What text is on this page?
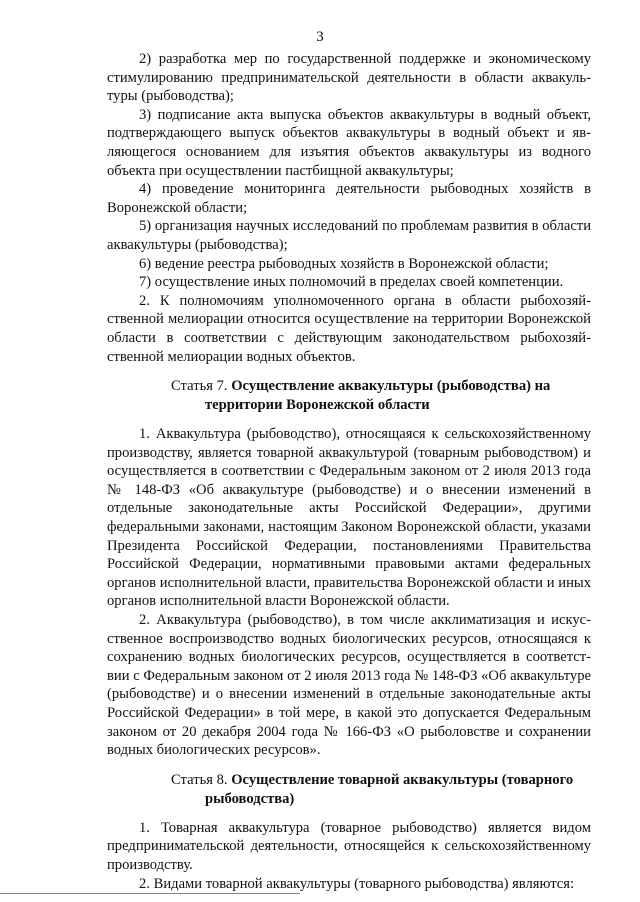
3

2) разработка мер по государственной поддержке и экономическому стимулированию предпринимательской деятельности в области аквакультуры (рыбоводства);

3) подписание акта выпуска объектов аквакультуры в водный объект, подтверждающего выпуск объектов аквакультуры в водный объект и являющегося основанием для изъятия объектов аквакультуры из водного объекта при осуществлении пастбищной аквакультуры;

4) проведение мониторинга деятельности рыбоводных хозяйств в Воронежской области;

5) организация научных исследований по проблемам развития в области аквакультуры (рыбоводства);

6) ведение реестра рыбоводных хозяйств в Воронежской области;

7) осуществление иных полномочий в пределах своей компетенции.

2. К полномочиям уполномоченного органа в области рыбохозяйственной мелиорации относится осуществление на территории Воронежской области в соответствии с действующим законодательством рыбохозяйственной мелиорации водных объектов.

Статья 7. Осуществление аквакультуры (рыбоводства) на
территории Воронежской области

1. Аквакультура (рыбоводство), относящаяся к сельскохозяйственному производству, является товарной аквакультурой (товарным рыбоводством) и осуществляется в соответствии с Федеральным законом от 2 июля 2013 года № 148-ФЗ «Об аквакультуре (рыбоводстве) и о внесении изменений в отдельные законодательные акты Российской Федерации», другими федеральными законами, настоящим Законом Воронежской области, указами Президента Российской Федерации, постановлениями Правительства Российской Федерации, нормативными правовыми актами федеральных органов исполнительной власти, правительства Воронежской области и иных органов исполнительной власти Воронежской области.

2. Аквакультура (рыбоводство), в том числе акклиматизация и искусственное воспроизводство водных биологических ресурсов, относящаяся к сохранению водных биологических ресурсов, осуществляется в соответствии с Федеральным законом от 2 июля 2013 года № 148-ФЗ «Об аквакультуре (рыбоводстве) и о внесении изменений в отдельные законодательные акты Российской Федерации» в той мере, в какой это допускается Федеральным законом от 20 декабря 2004 года № 166-ФЗ «О рыболовстве и сохранении водных биологических ресурсов».

Статья 8. Осуществление товарной аквакультуры (товарного
рыбоводства)

1. Товарная аквакультура (товарное рыбоводство) является видом предпринимательской деятельности, относящейся к сельскохозяйственному производству.

2. Видами товарной аквакультуры (товарного рыбоводства) являются:
